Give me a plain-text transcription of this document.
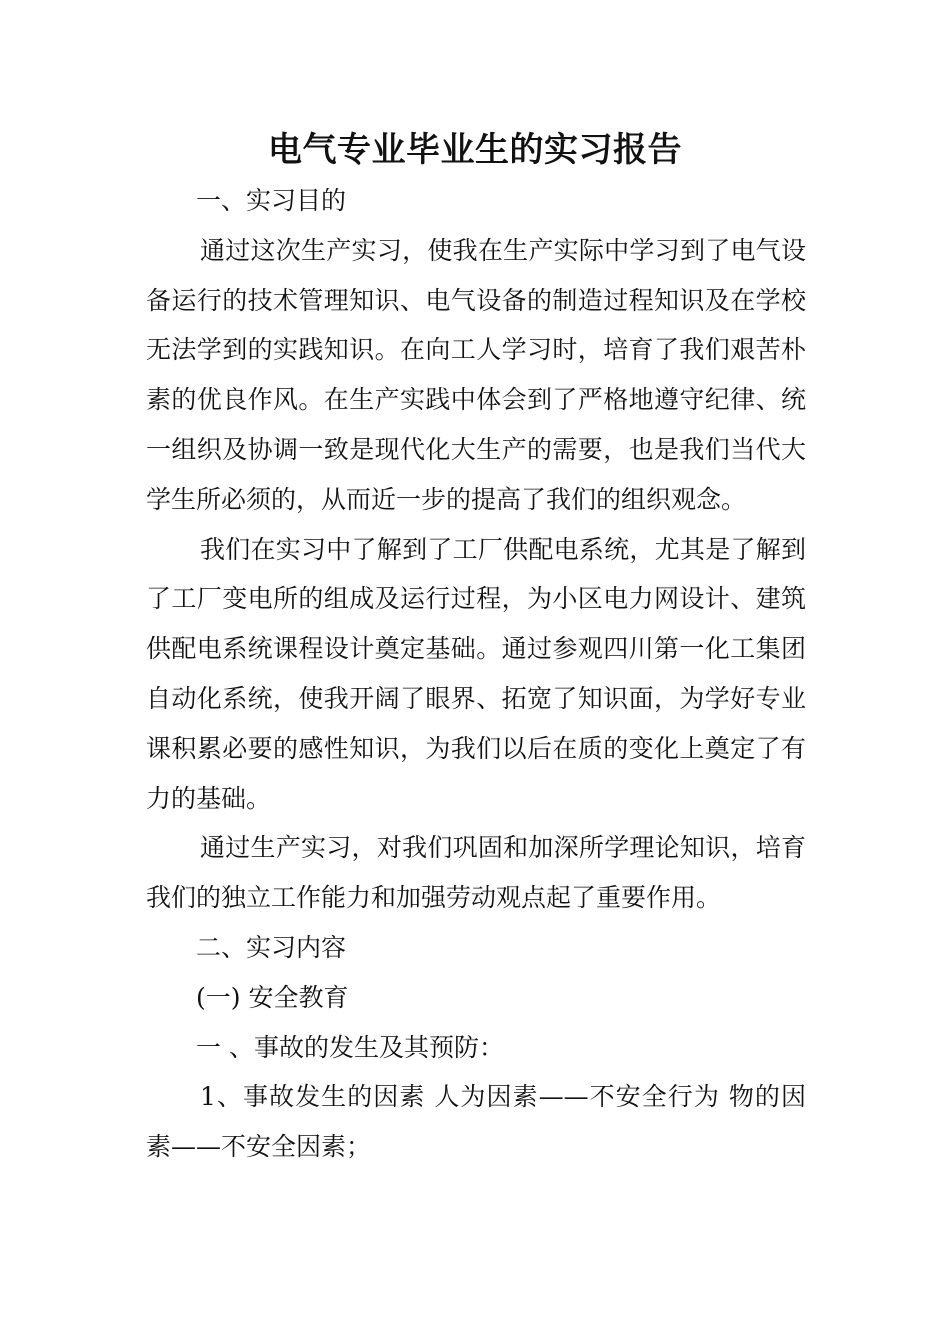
电气专业毕业生的实习报告

一、实习目的

通过这次生产实习，使我在生产实际中学习到了电气设备运行的技术管理知识、电气设备的制造过程知识及在学校无法学到的实践知识。在向工人学习时，培育了我们艰苦朴素的优良作风。在生产实践中体会到了严格地遵守纪律、统一组织及协调一致是现代化大生产的需要，也是我们当代大学生所必须的，从而近一步的提高了我们的组织观念。

我们在实习中了解到了工厂供配电系统，尤其是了解到了工厂变电所的组成及运行过程，为小区电力网设计、建筑供配电系统课程设计奠定基础。通过参观四川第一化工集团自动化系统，使我开阔了眼界、拓宽了知识面，为学好专业课积累必要的感性知识，为我们以后在质的变化上奠定了有力的基础。

通过生产实习，对我们巩固和加深所学理论知识，培育我们的独立工作能力和加强劳动观点起了重要作用。

二、实习内容

(一) 安全教育

一 、事故的发生及其预防：

1、事故发生的因素 人为因素——不安全行为 物的因素——不安全因素；
